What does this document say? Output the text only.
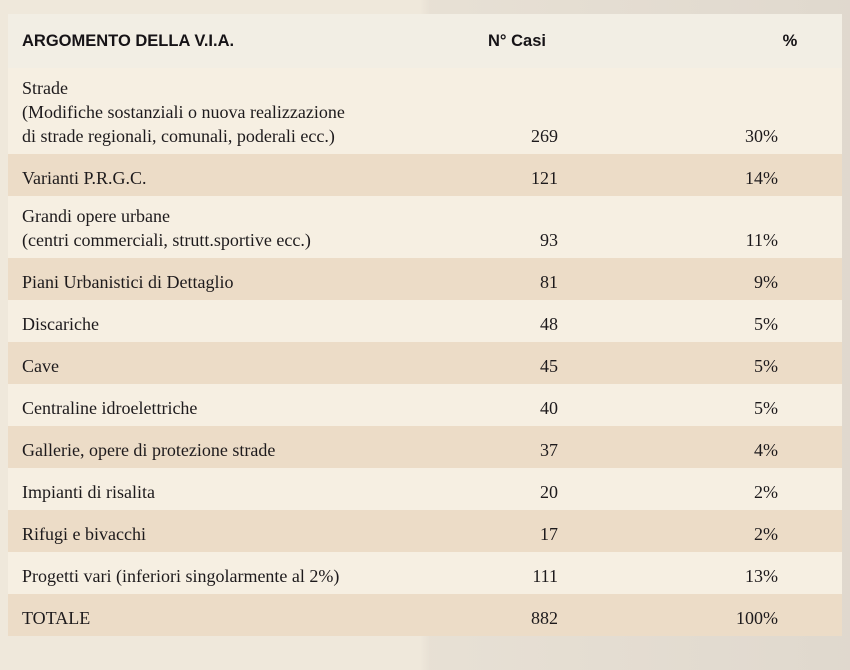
ARGOMENTO DELLA V.I.A.	N° Casi		%

Strade
(Modifiche sostanziali o nuova realizzazione
di strade regionali, comunali, poderali ecc.)	269		30%

Varianti P.R.G.C.	121		14%

Grandi opere urbane
(centri commerciali, strutt.sportive ecc.)	93		11%

Piani Urbanistici di Dettaglio	81		9%

Discariche	48		5%

Cave	45		5%

Centraline idroelettriche	40		5%

Gallerie, opere di protezione strade	37		4%

Impianti di risalita	20		2%

Rifugi e bivacchi	17		2%

Progetti vari (inferiori singolarmente al 2%)	111		13%

TOTALE	882		100%
